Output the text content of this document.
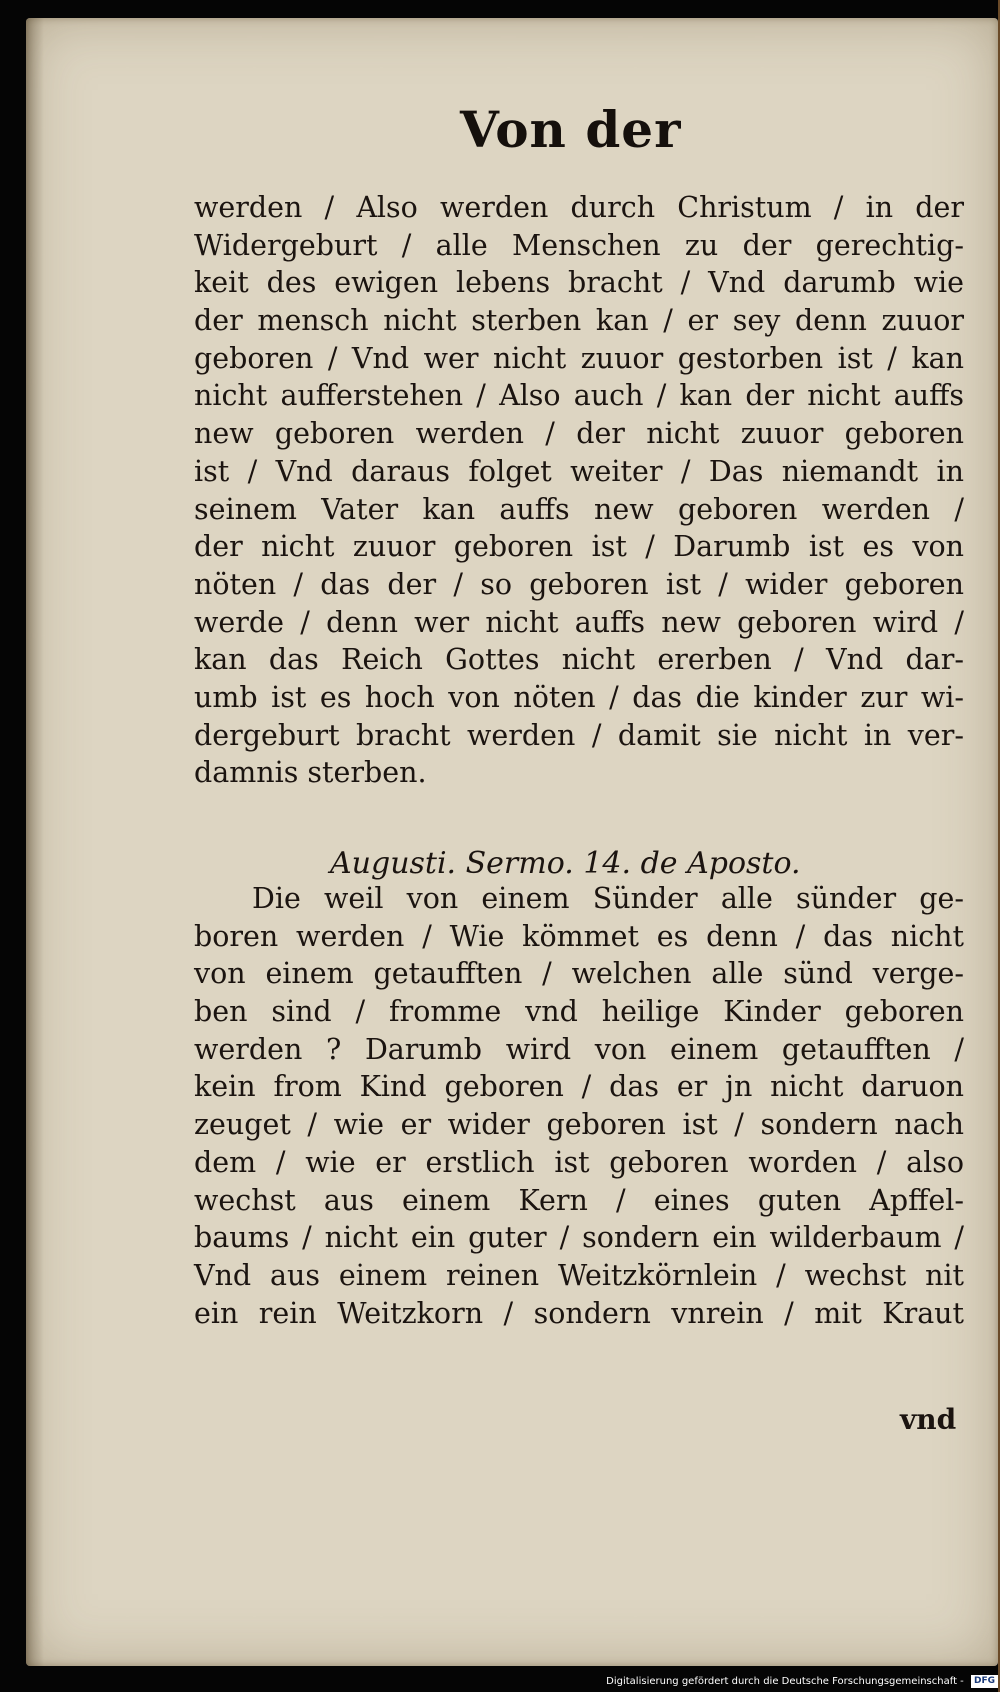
Von der
werden / Also werden durch Christum / in der
Widergeburt / alle Menschen zu der gerechtig-
keit des ewigen lebens bracht / Vnd darumb wie
der mensch nicht sterben kan / er sey denn zuuor
geboren / Vnd wer nicht zuuor gestorben ist / kan
nicht aufferstehen / Also auch / kan der nicht auffs
new geboren werden / der nicht zuuor geboren
ist / Vnd daraus folget weiter / Das niemandt in
seinem Vater kan auffs new geboren werden /
der nicht zuuor geboren ist / Darumb ist es von
nöten / das der / so geboren ist / wider geboren
werde / denn wer nicht auffs new geboren wird /
kan das Reich Gottes nicht ererben / Vnd dar-
umb ist es hoch von nöten / das die kinder zur wi-
dergeburt bracht werden / damit sie nicht in ver-
damnis sterben.
Augusti. Sermo. 14. de Aposto.
Die weil von einem Sünder alle sünder ge-
boren werden / Wie kömmet es denn / das nicht
von einem getaufften / welchen alle sünd verge-
ben sind / fromme vnd heilige Kinder geboren
werden ? Darumb wird von einem getaufften /
kein from Kind geboren / das er jn nicht daruon
zeuget / wie er wider geboren ist / sondern nach
dem / wie er erstlich ist geboren worden / also
wechst aus einem Kern / eines guten Apffel-
baums / nicht ein guter / sondern ein wilderbaum /
Vnd aus einem reinen Weitzkörnlein / wechst nit
ein rein Weitzkorn / sondern vnrein / mit Kraut
vnd
Digitalisierung gefördert durch die Deutsche Forschungsgemeinschaft - DFG
